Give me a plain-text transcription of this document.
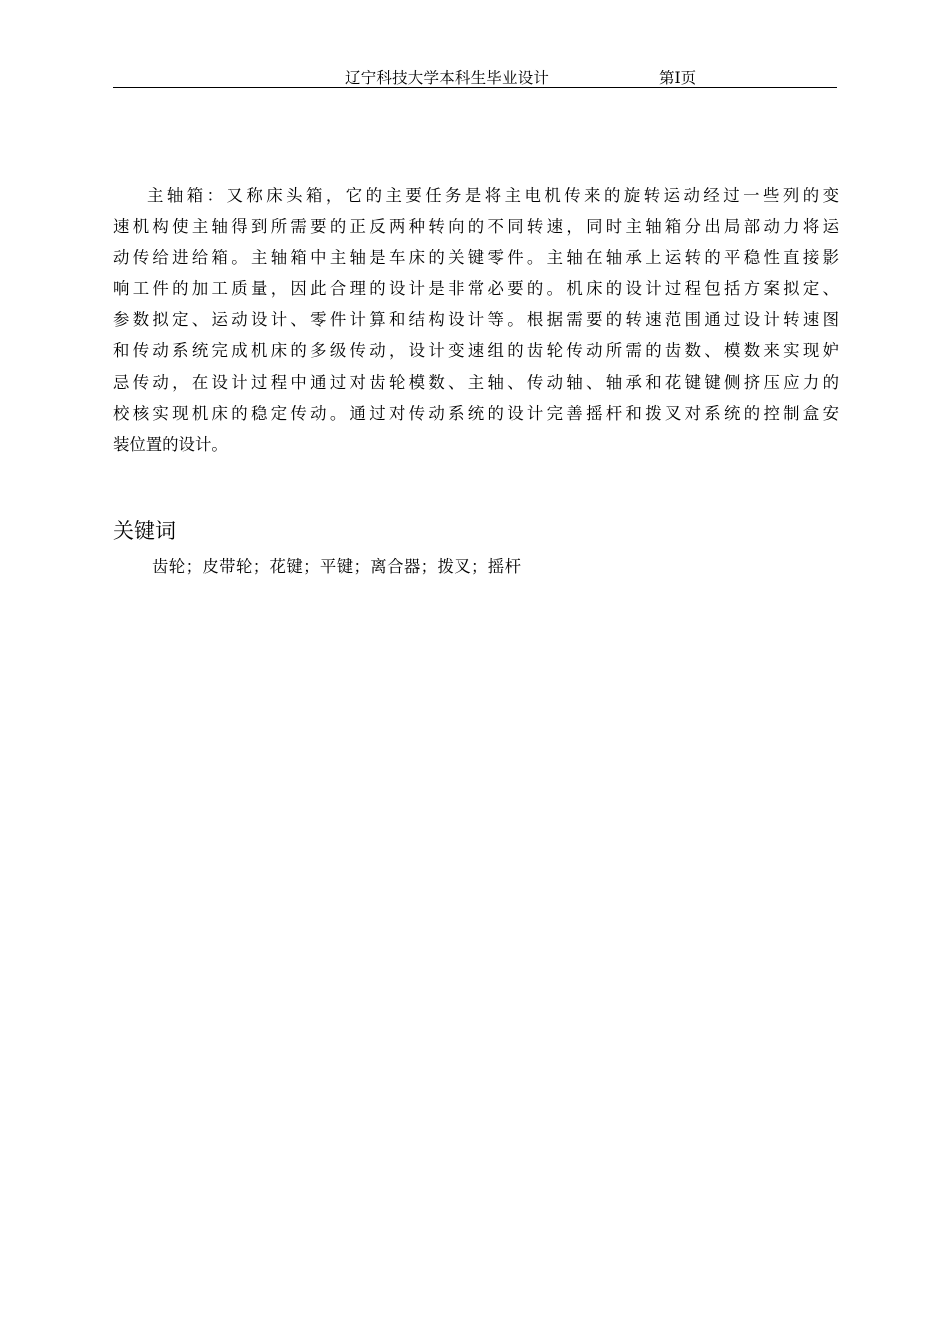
辽宁科技大学本科生毕业设计	第I页
主轴箱：又称床头箱，它的主要任务是将主电机传来的旋转运动经过一些列的变
速机构使主轴得到所需要的正反两种转向的不同转速，同时主轴箱分出局部动力将运
动传给进给箱。主轴箱中主轴是车床的关键零件。主轴在轴承上运转的平稳性直接影
响工件的加工质量，因此合理的设计是非常必要的。机床的设计过程包括方案拟定、
参数拟定、运动设计、零件计算和结构设计等。根据需要的转速范围通过设计转速图
和传动系统完成机床的多级传动，设计变速组的齿轮传动所需的齿数、模数来实现妒
忌传动，在设计过程中通过对齿轮模数、主轴、传动轴、轴承和花键键侧挤压应力的
校核实现机床的稳定传动。通过对传动系统的设计完善摇杆和拨叉对系统的控制盒安
装位置的设计。
关键词
齿轮；皮带轮；花键；平键；离合器；拨叉；摇杆
